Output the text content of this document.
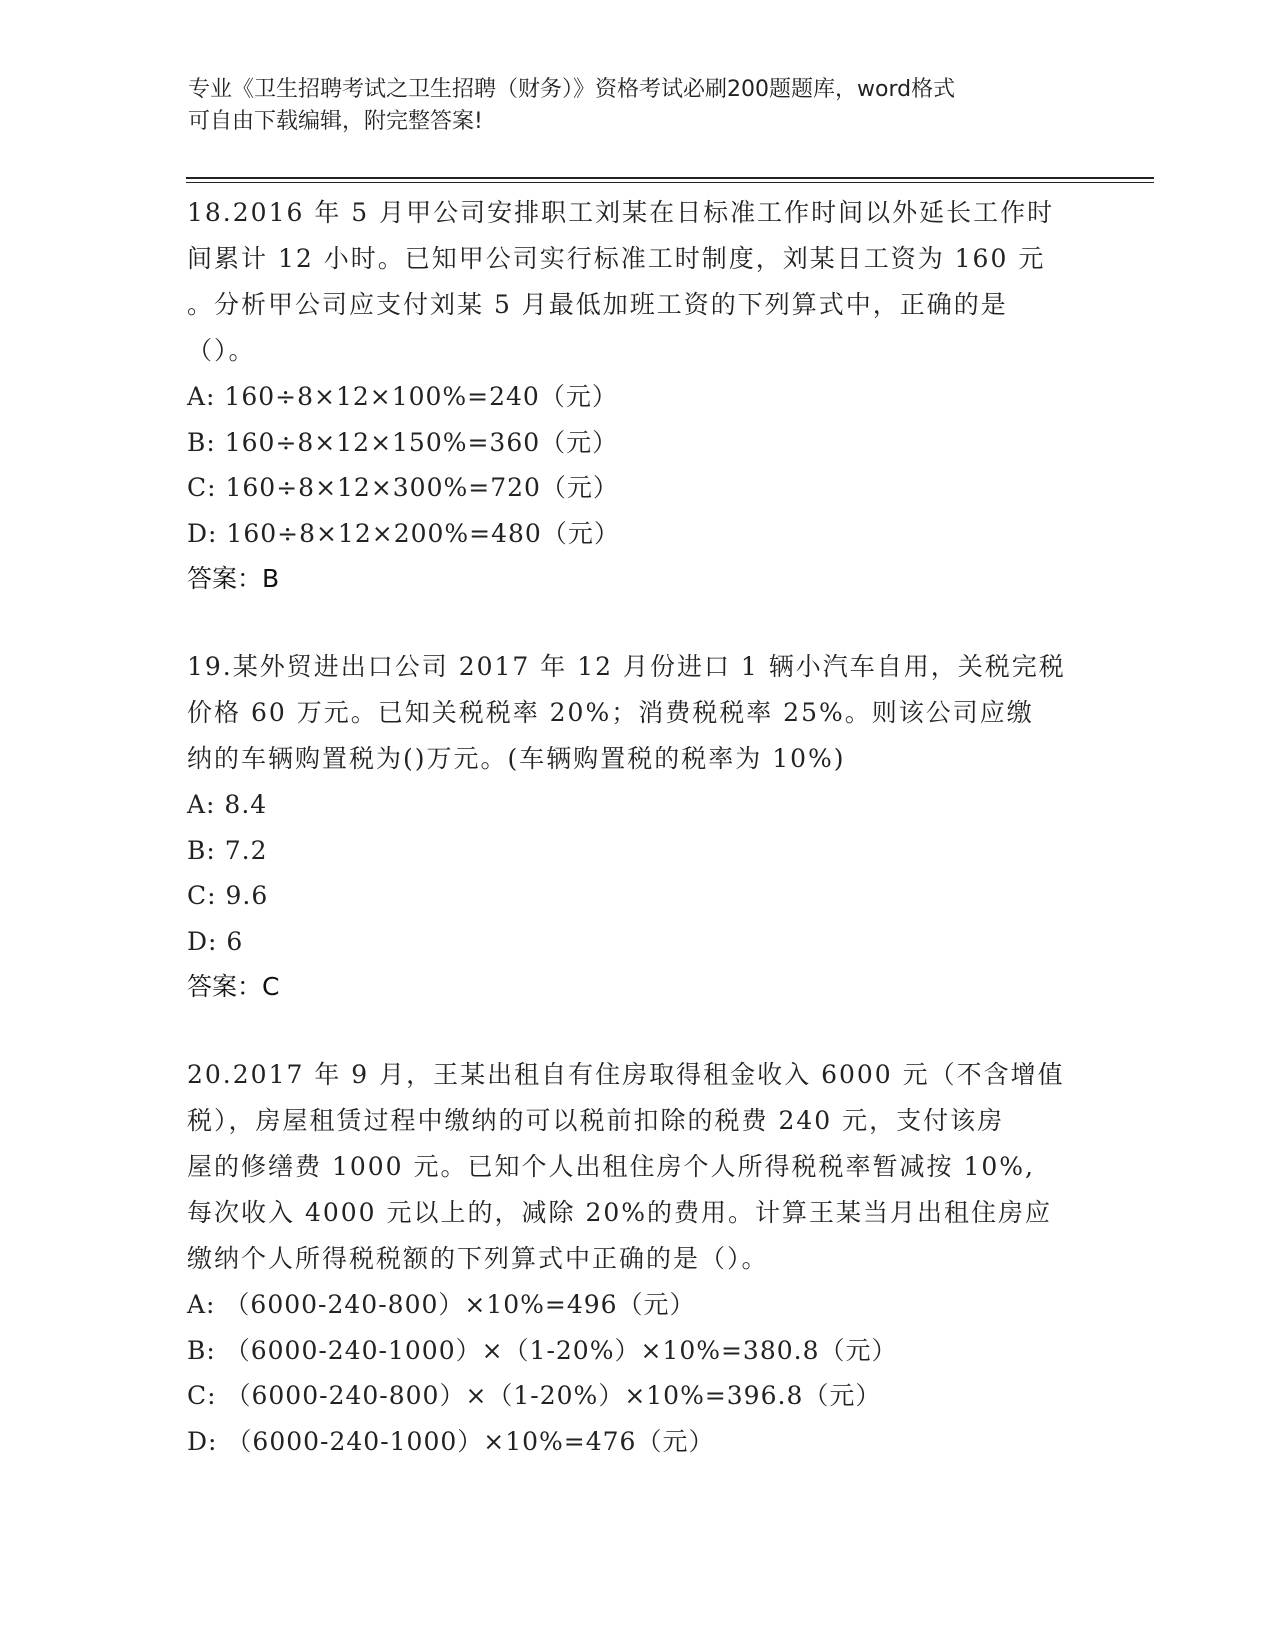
专业《卫生招聘考试之卫生招聘（财务）》资格考试必刷200题题库，word格式
可自由下载编辑，附完整答案!
18.2016 年 5 月甲公司安排职工刘某在日标准工作时间以外延长工作时
间累计 12 小时。已知甲公司实行标准工时制度，刘某日工资为 160 元
。分析甲公司应支付刘某 5 月最低加班工资的下列算式中，正确的是
（）。
A: 160÷8×12×100%=240（元）
B: 160÷8×12×150%=360（元）
C: 160÷8×12×300%=720（元）
D: 160÷8×12×200%=480（元）
答案：B
19.某外贸进出口公司 2017 年 12 月份进口 1 辆小汽车自用，关税完税
价格 60 万元。已知关税税率 20%；消费税税率 25%。则该公司应缴
纳的车辆购置税为()万元。(车辆购置税的税率为 10%)
A: 8.4
B: 7.2
C: 9.6
D: 6
答案：C
20.2017 年 9 月，王某出租自有住房取得租金收入 6000 元（不含增值
税），房屋租赁过程中缴纳的可以税前扣除的税费 240 元，支付该房
屋的修缮费 1000 元。已知个人出租住房个人所得税税率暂减按 10%,
每次收入 4000 元以上的，减除 20%的费用。计算王某当月出租住房应
缴纳个人所得税税额的下列算式中正确的是（）。
A: （6000-240-800）×10%=496（元）
B: （6000-240-1000）×（1-20%）×10%=380.8（元）
C: （6000-240-800）×（1-20%）×10%=396.8（元）
D: （6000-240-1000）×10%=476（元）
